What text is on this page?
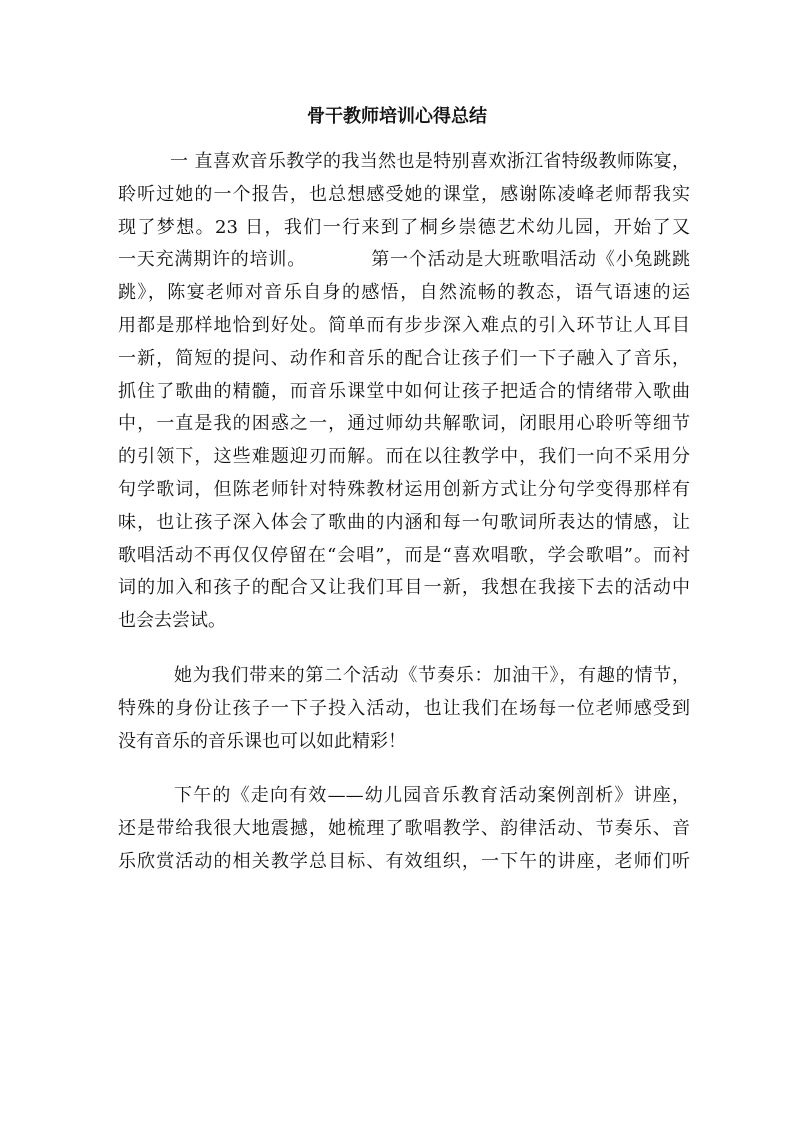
骨干教师培训心得总结
一 直喜欢音乐教学的我当然也是特别喜欢浙江省特级教师陈宴，
聆听过她的一个报告，也总想感受她的课堂，感谢陈凌峰老师帮我实
现了梦想。23 日，我们一行来到了桐乡崇德艺术幼儿园，开始了又
一天充满期许的培训。          第一个活动是大班歌唱活动《小兔跳跳
跳》，陈宴老师对音乐自身的感悟，自然流畅的教态，语气语速的运
用都是那样地恰到好处。简单而有步步深入难点的引入环节让人耳目
一新，简短的提问、动作和音乐的配合让孩子们一下子融入了音乐，
抓住了歌曲的精髓，而音乐课堂中如何让孩子把适合的情绪带入歌曲
中，一直是我的困惑之一，通过师幼共解歌词，闭眼用心聆听等细节
的引领下，这些难题迎刃而解。而在以往教学中，我们一向不采用分
句学歌词，但陈老师针对特殊教材运用创新方式让分句学变得那样有
味，也让孩子深入体会了歌曲的内涵和每一句歌词所表达的情感，让
歌唱活动不再仅仅停留在“会唱”，而是“喜欢唱歌，学会歌唱”。而衬
词的加入和孩子的配合又让我们耳目一新，我想在我接下去的活动中
也会去尝试。
她为我们带来的第二个活动《节奏乐：加油干》，有趣的情节，
特殊的身份让孩子一下子投入活动，也让我们在场每一位老师感受到
没有音乐的音乐课也可以如此精彩！
下午的《走向有效——幼儿园音乐教育活动案例剖析》讲座，
还是带给我很大地震撼，她梳理了歌唱教学、韵律活动、节奏乐、音
乐欣赏活动的相关教学总目标、有效组织，一下午的讲座，老师们听
